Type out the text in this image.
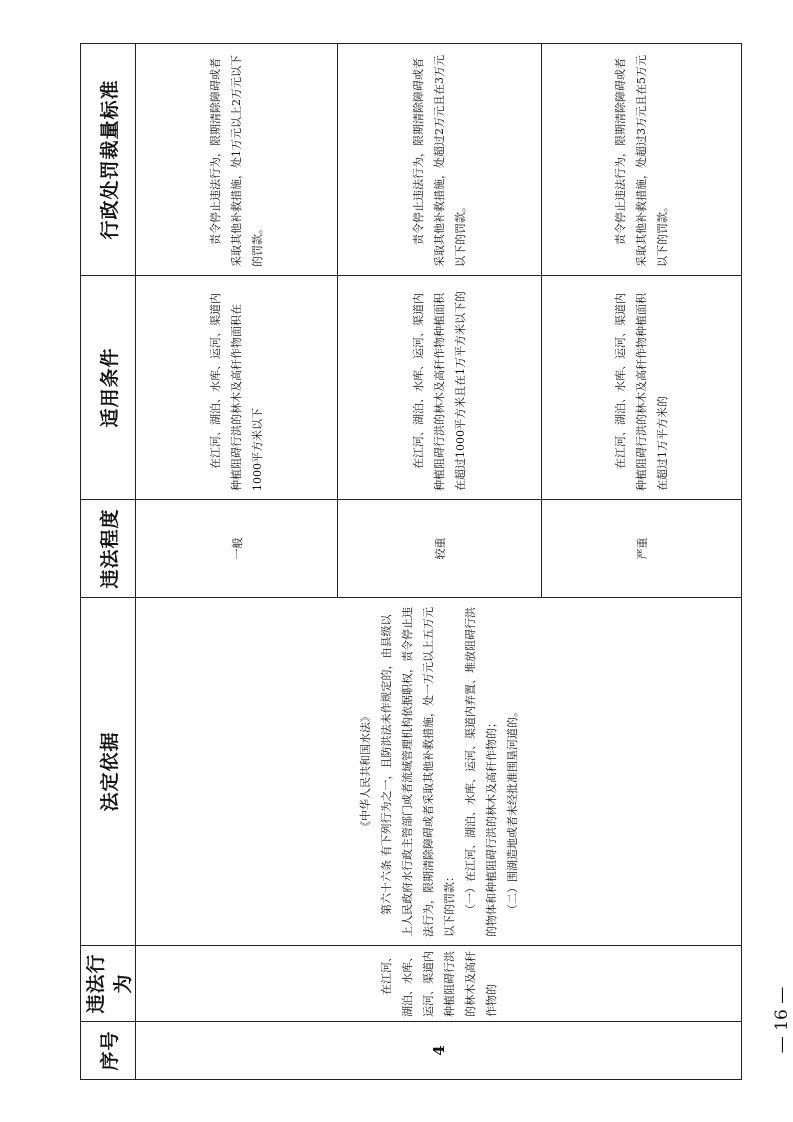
序号	违法行为	法定依据	违法程度	适用条件	行政处罚裁量标准
4	在江河、湖泊、水库、运河、渠道内种植阻碍行洪的林木及高秆作物的	《中华人民共和国水法》 第六十六条 有下列行为之一，且防洪法未作规定的，由县级以上人民政府水行政主管部门或者流域管理机构依据职权，责令停止违法行为，限期清除障碍或者采取其他补救措施，处一万元以上五万元以下的罚款： （一）在江河、湖泊、水库、运河、渠道内弃置、堆放阻碍行洪的物体和种植阻碍行洪的林木及高秆作物的； （二）围湖造地或者未经批准围垦河道的。	一般	在江河、湖泊、水库、运河、渠道内种植阻碍行洪的林木及高秆作物面积在1000平方米以下	责令停止违法行为，限期清除障碍或者采取其他补救措施，处1万元以上2万元以下的罚款。

			较重	在江河、湖泊、水库、运河、渠道内种植阻碍行洪的林木及高秆作物种植面积在超过1000平方米且在1万平方米以下的	责令停止违法行为，限期清除障碍或者采取其他补救措施，处超过2万元且在3万元以下的罚款。

			严重	在江河、湖泊、水库、运河、渠道内种植阻碍行洪的林木及高秆作物种植面积在超过1万平方米的	责令停止违法行为，限期清除障碍或者采取其他补救措施，处超过3万元且在5万元以下的罚款。
— 16 —
